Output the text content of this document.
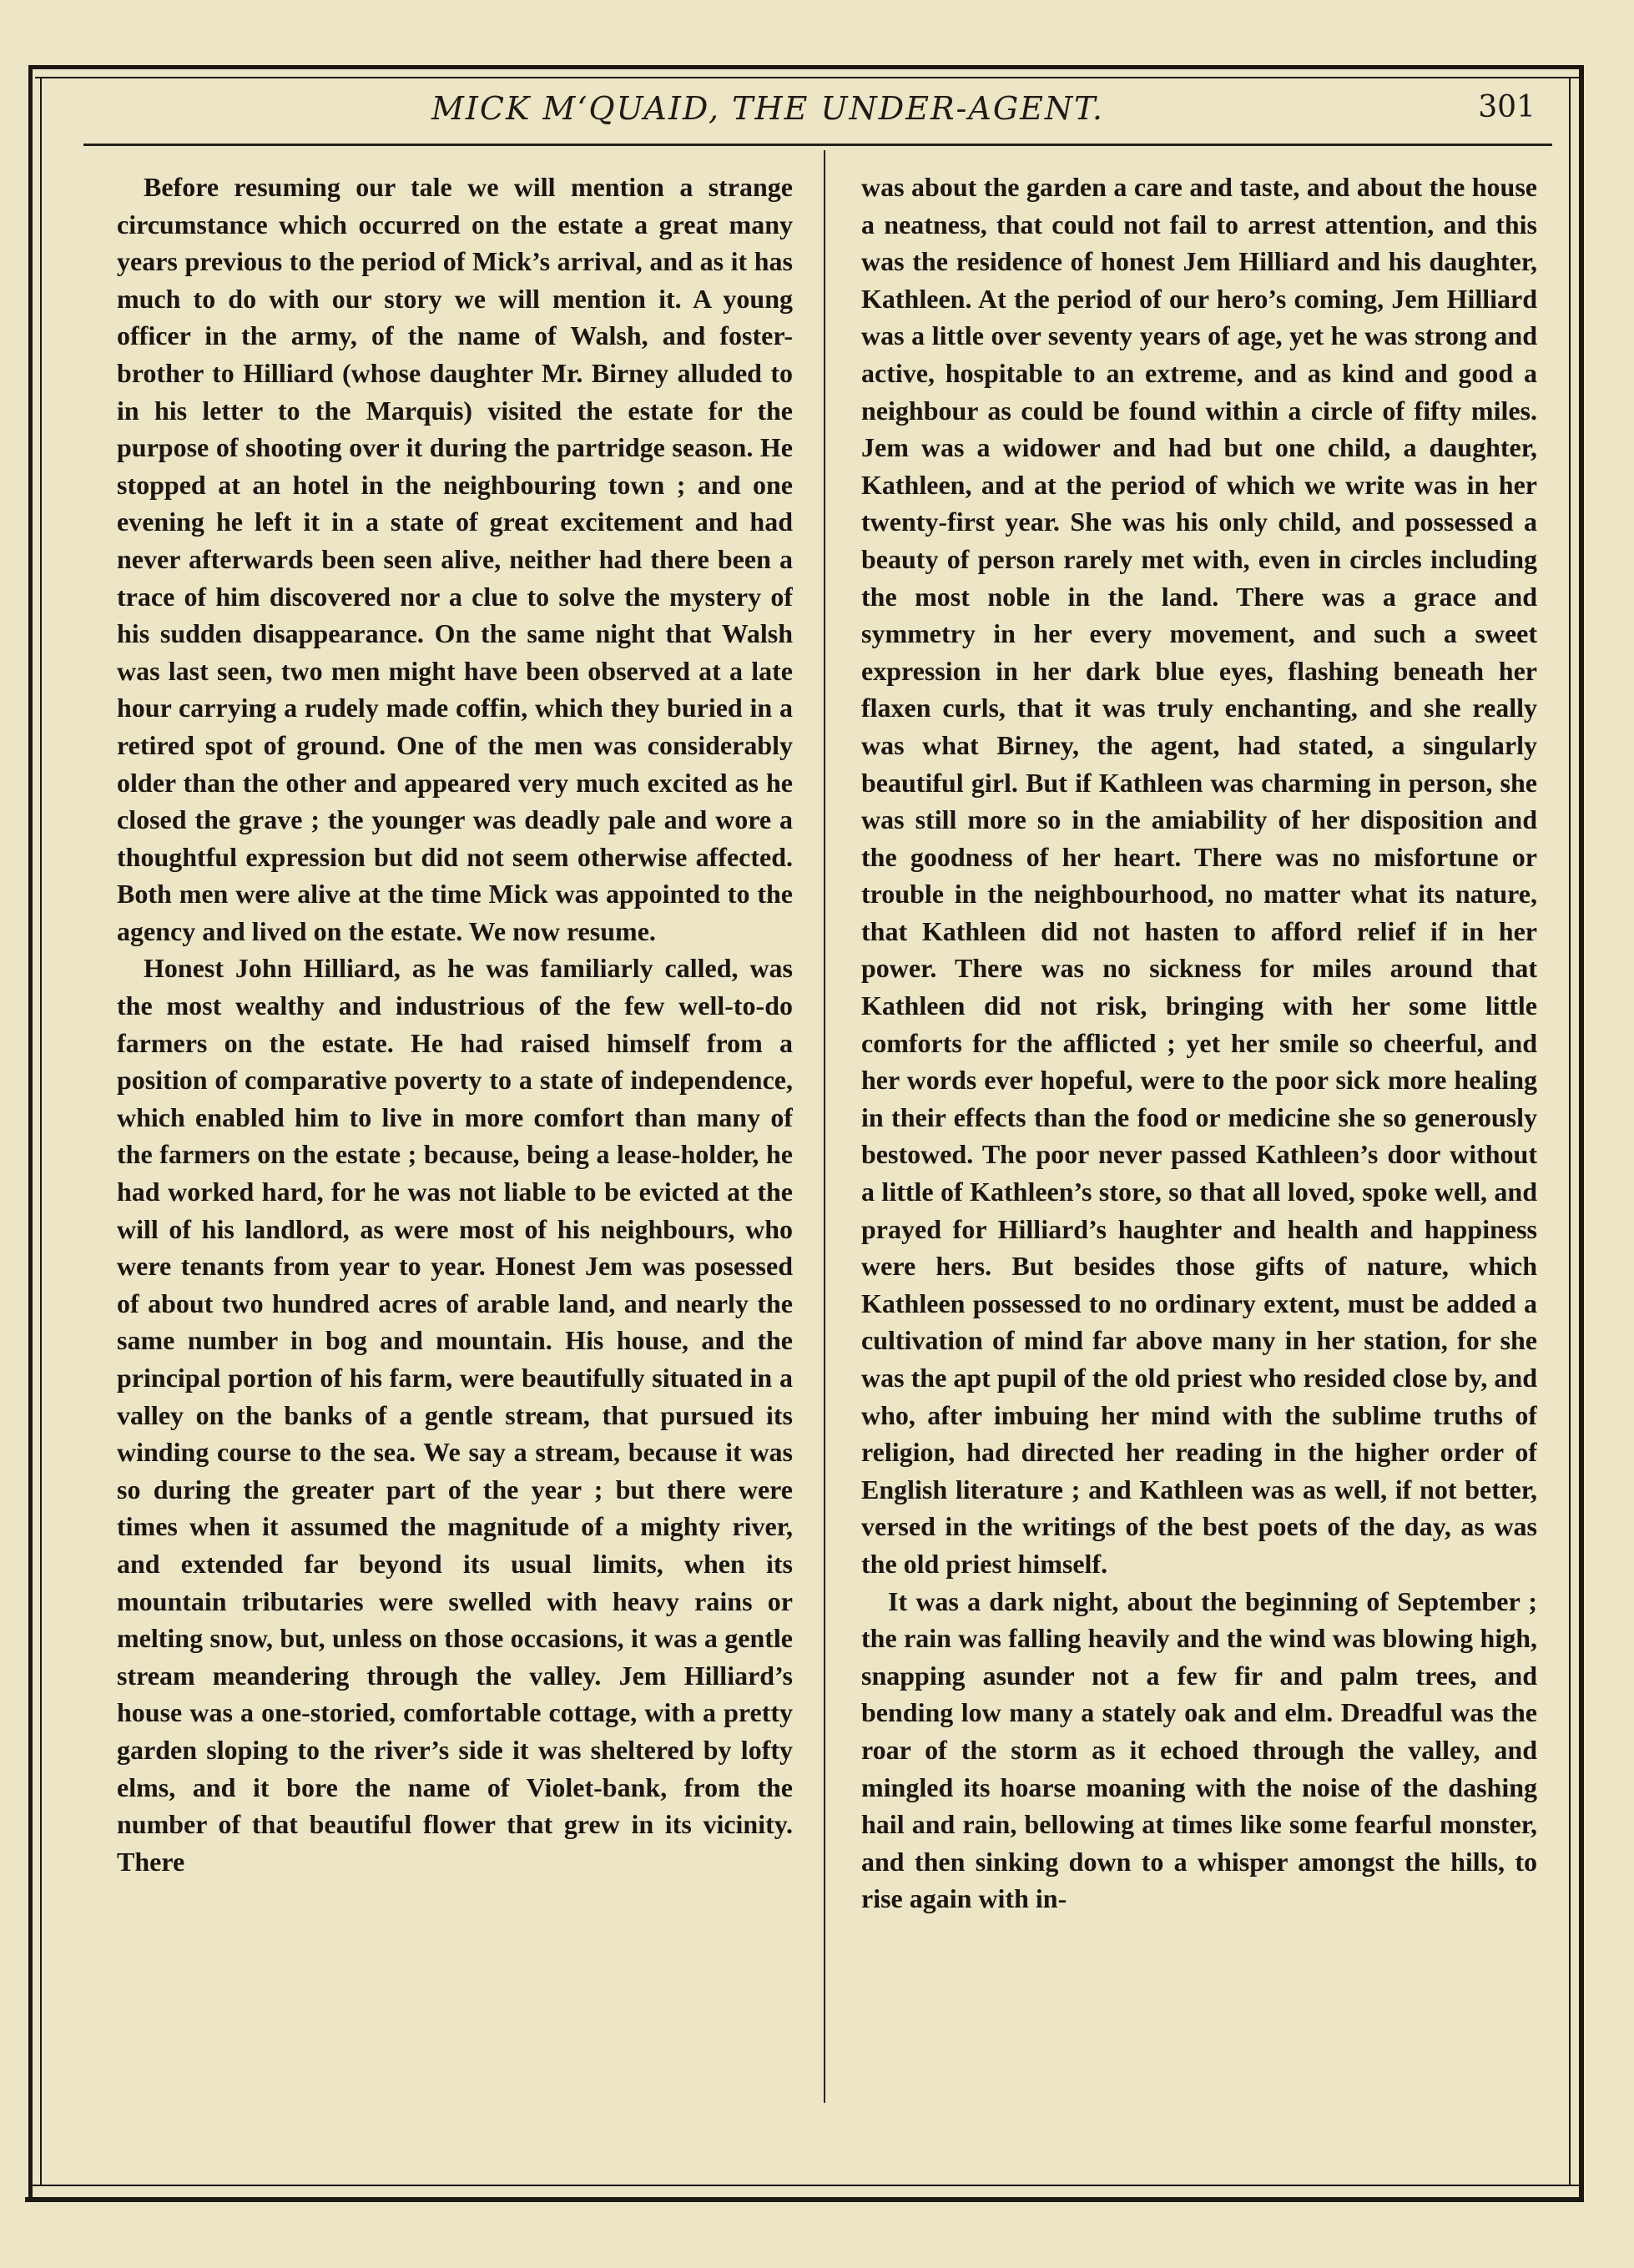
MICK M‘QUAID, THE UNDER-AGENT.	301

Before resuming our tale we will mention a strange circumstance which occurred on the estate a great many years previous to the period of Mick’s arrival, and as it has much to do with our story we will mention it. A young officer in the army, of the name of Walsh, and foster-brother to Hilliard (whose daughter Mr. Birney alluded to in his letter to the Marquis) visited the estate for the purpose of shooting over it during the partridge season. He stopped at an hotel in the neighbouring town ; and one evening he left it in a state of great excitement and had never afterwards been seen alive, neither had there been a trace of him discovered nor a clue to solve the mystery of his sudden disappearance. On the same night that Walsh was last seen, two men might have been observed at a late hour carrying a rudely made coffin, which they buried in a retired spot of ground. One of the men was considerably older than the other and appeared very much excited as he closed the grave ; the younger was deadly pale and wore a thoughtful expression but did not seem otherwise affected. Both men were alive at the time Mick was appointed to the agency and lived on the estate. We now resume.

Honest John Hilliard, as he was familiarly called, was the most wealthy and industrious of the few well-to-do farmers on the estate. He had raised himself from a position of comparative poverty to a state of independence, which enabled him to live in more comfort than many of the farmers on the estate ; because, being a lease-holder, he had worked hard, for he was not liable to be evicted at the will of his landlord, as were most of his neighbours, who were tenants from year to year. Honest Jem was posessed of about two hundred acres of arable land, and nearly the same number in bog and mountain. His house, and the principal portion of his farm, were beautifully situated in a valley on the banks of a gentle stream, that pursued its winding course to the sea. We say a stream, because it was so during the greater part of the year ; but there were times when it assumed the magnitude of a mighty river, and extended far beyond its usual limits, when its mountain tributaries were swelled with heavy rains or melting snow, but, unless on those occasions, it was a gentle stream meandering through the valley. Jem Hilliard’s house was a one-storied, comfortable cottage, with a pretty garden sloping to the river’s side it was sheltered by lofty elms, and it bore the name of Violet-bank, from the number of that beautiful flower that grew in its vicinity. There

was about the garden a care and taste, and about the house a neatness, that could not fail to arrest attention, and this was the residence of honest Jem Hilliard and his daughter, Kathleen. At the period of our hero’s coming, Jem Hilliard was a little over seventy years of age, yet he was strong and active, hospitable to an extreme, and as kind and good a neighbour as could be found within a circle of fifty miles. Jem was a widower and had but one child, a daughter, Kathleen, and at the period of which we write was in her twenty-first year. She was his only child, and possessed a beauty of person rarely met with, even in circles including the most noble in the land. There was a grace and symmetry in her every movement, and such a sweet expression in her dark blue eyes, flashing beneath her flaxen curls, that it was truly enchanting, and she really was what Birney, the agent, had stated, a singularly beautiful girl. But if Kathleen was charming in person, she was still more so in the amiability of her disposition and the goodness of her heart. There was no misfortune or trouble in the neighbourhood, no matter what its nature, that Kathleen did not hasten to afford relief if in her power. There was no sickness for miles around that Kathleen did not risk, bringing with her some little comforts for the afflicted ; yet her smile so cheerful, and her words ever hopeful, were to the poor sick more healing in their effects than the food or medicine she so generously bestowed. The poor never passed Kathleen’s door without a little of Kathleen’s store, so that all loved, spoke well, and prayed for Hilliard’s haughter and health and happiness were hers. But besides those gifts of nature, which Kathleen possessed to no ordinary extent, must be added a cultivation of mind far above many in her station, for she was the apt pupil of the old priest who resided close by, and who, after imbuing her mind with the sublime truths of religion, had directed her reading in the higher order of English literature ; and Kathleen was as well, if not better, versed in the writings of the best poets of the day, as was the old priest himself.

It was a dark night, about the beginning of September ; the rain was falling heavily and the wind was blowing high, snapping asunder not a few fir and palm trees, and bending low many a stately oak and elm. Dreadful was the roar of the storm as it echoed through the valley, and mingled its hoarse moaning with the noise of the dashing hail and rain, bellowing at times like some fearful monster, and then sinking down to a whisper amongst the hills, to rise again with in-
